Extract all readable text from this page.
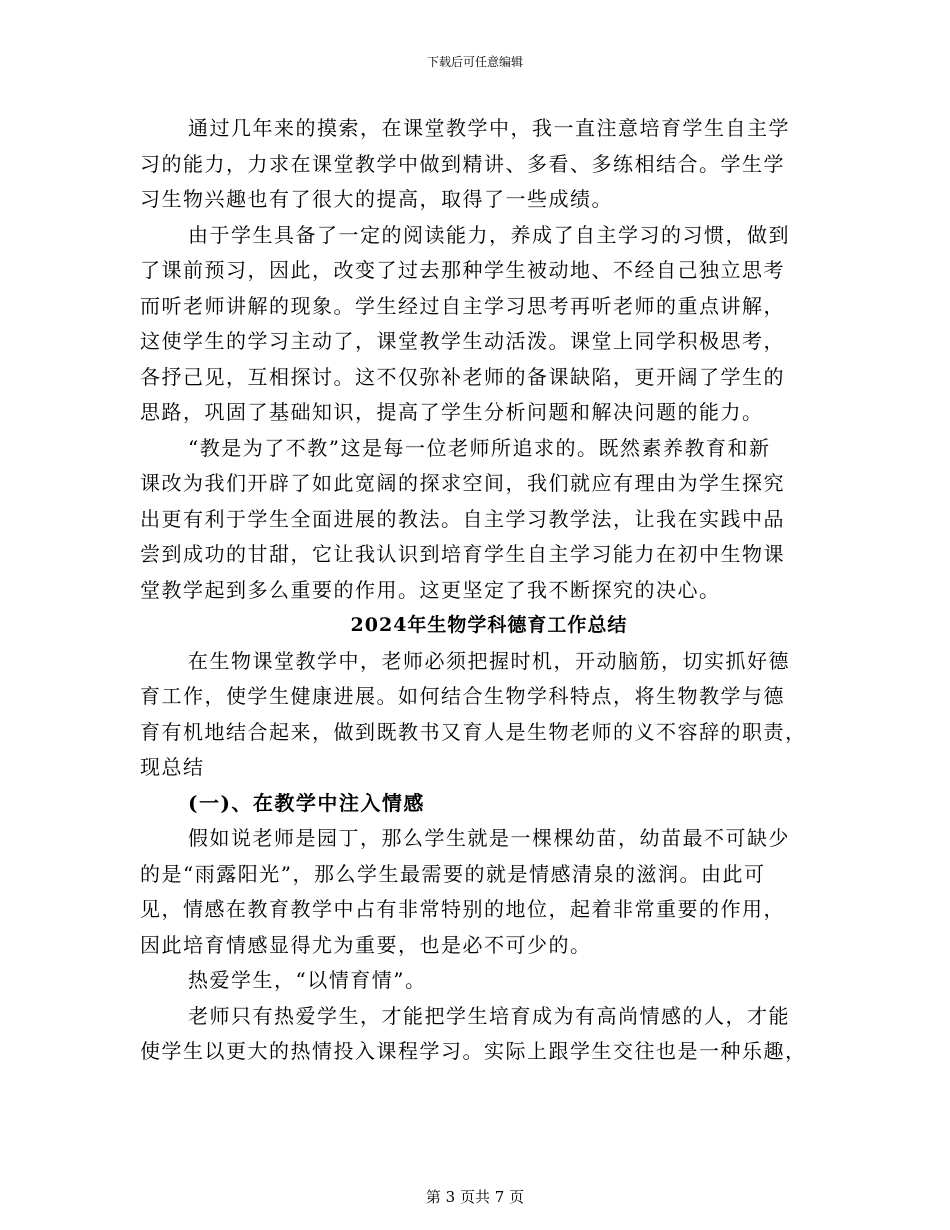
下载后可任意编辑
通过几年来的摸索，在课堂教学中，我一直注意培育学生自主学
习的能力，力求在课堂教学中做到精讲、多看、多练相结合。学生学
习生物兴趣也有了很大的提高，取得了一些成绩。
由于学生具备了一定的阅读能力，养成了自主学习的习惯，做到
了课前预习，因此，改变了过去那种学生被动地、不经自己独立思考
而听老师讲解的现象。学生经过自主学习思考再听老师的重点讲解，
这使学生的学习主动了，课堂教学生动活泼。课堂上同学积极思考，
各抒己见，互相探讨。这不仅弥补老师的备课缺陷，更开阔了学生的
思路，巩固了基础知识，提高了学生分析问题和解决问题的能力。
“教是为了不教”这是每一位老师所追求的。既然素养教育和新
课改为我们开辟了如此宽阔的探求空间，我们就应有理由为学生探究
出更有利于学生全面进展的教法。自主学习教学法，让我在实践中品
尝到成功的甘甜，它让我认识到培育学生自主学习能力在初中生物课
堂教学起到多么重要的作用。这更坚定了我不断探究的决心。
2024年生物学科德育工作总结
在生物课堂教学中，老师必须把握时机，开动脑筋，切实抓好德
育工作，使学生健康进展。如何结合生物学科特点，将生物教学与德
育有机地结合起来，做到既教书又育人是生物老师的义不容辞的职责，
现总结
(一)、在教学中注入情感
假如说老师是园丁，那么学生就是一棵棵幼苗，幼苗最不可缺少
的是“雨露阳光”，那么学生最需要的就是情感清泉的滋润。由此可
见，情感在教育教学中占有非常特别的地位，起着非常重要的作用，
因此培育情感显得尤为重要，也是必不可少的。
热爱学生，“以情育情”。
老师只有热爱学生，才能把学生培育成为有高尚情感的人，才能
使学生以更大的热情投入课程学习。实际上跟学生交往也是一种乐趣，
第 3 页共 7 页
